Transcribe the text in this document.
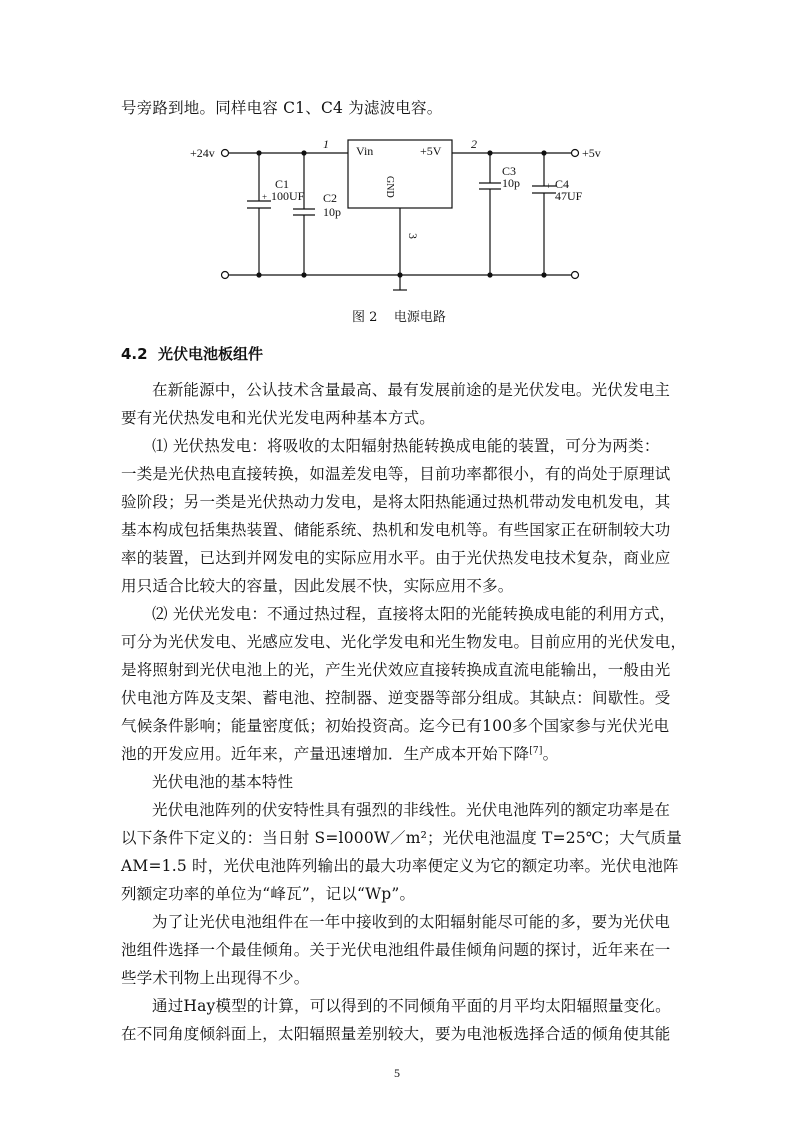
号旁路到地。同样电容 C1、C4 为滤波电容。
+24v	+5v
1	2
3
Vin	+5V
GND
C1
100UF
+	C2
10p
C3
10p	C4
47UF
+
图 2    电源电路
4.2  光伏电池板组件
在新能源中，公认技术含量最高、最有发展前途的是光伏发电。光伏发电主
要有光伏热发电和光伏光发电两种基本方式。
⑴ 光伏热发电：将吸收的太阳辐射热能转换成电能的装置，可分为两类：
一类是光伏热电直接转换，如温差发电等，目前功率都很小，有的尚处于原理试
验阶段；另一类是光伏热动力发电，是将太阳热能通过热机带动发电机发电，其
基本构成包括集热装置、储能系统、热机和发电机等。有些国家正在研制较大功
率的装置，已达到并网发电的实际应用水平。由于光伏热发电技术复杂，商业应
用只适合比较大的容量，因此发展不快，实际应用不多。
⑵ 光伏光发电：不通过热过程，直接将太阳的光能转换成电能的利用方式，
可分为光伏发电、光感应发电、光化学发电和光生物发电。目前应用的光伏发电，
是将照射到光伏电池上的光，产生光伏效应直接转换成直流电能输出，一般由光
伏电池方阵及支架、蓄电池、控制器、逆变器等部分组成。其缺点：间歇性。受
气候条件影响；能量密度低；初始投资高。迄今已有100多个国家参与光伏光电
池的开发应用。近年来，产量迅速增加．生产成本开始下降[7]。
光伏电池的基本特性
光伏电池阵列的伏安特性具有强烈的非线性。光伏电池阵列的额定功率是在
以下条件下定义的：当日射 S=l000W／m²；光伏电池温度 T=25℃；大气质量
AM=1.5 时，光伏电池阵列输出的最大功率便定义为它的额定功率。光伏电池阵
列额定功率的单位为“峰瓦”，记以“Wp”。
为了让光伏电池组件在一年中接收到的太阳辐射能尽可能的多，要为光伏电
池组件选择一个最佳倾角。关于光伏电池组件最佳倾角问题的探讨，近年来在一
些学术刊物上出现得不少。
通过Hay模型的计算，可以得到的不同倾角平面的月平均太阳辐照量变化。
在不同角度倾斜面上，太阳辐照量差别较大，要为电池板选择合适的倾角使其能
5
